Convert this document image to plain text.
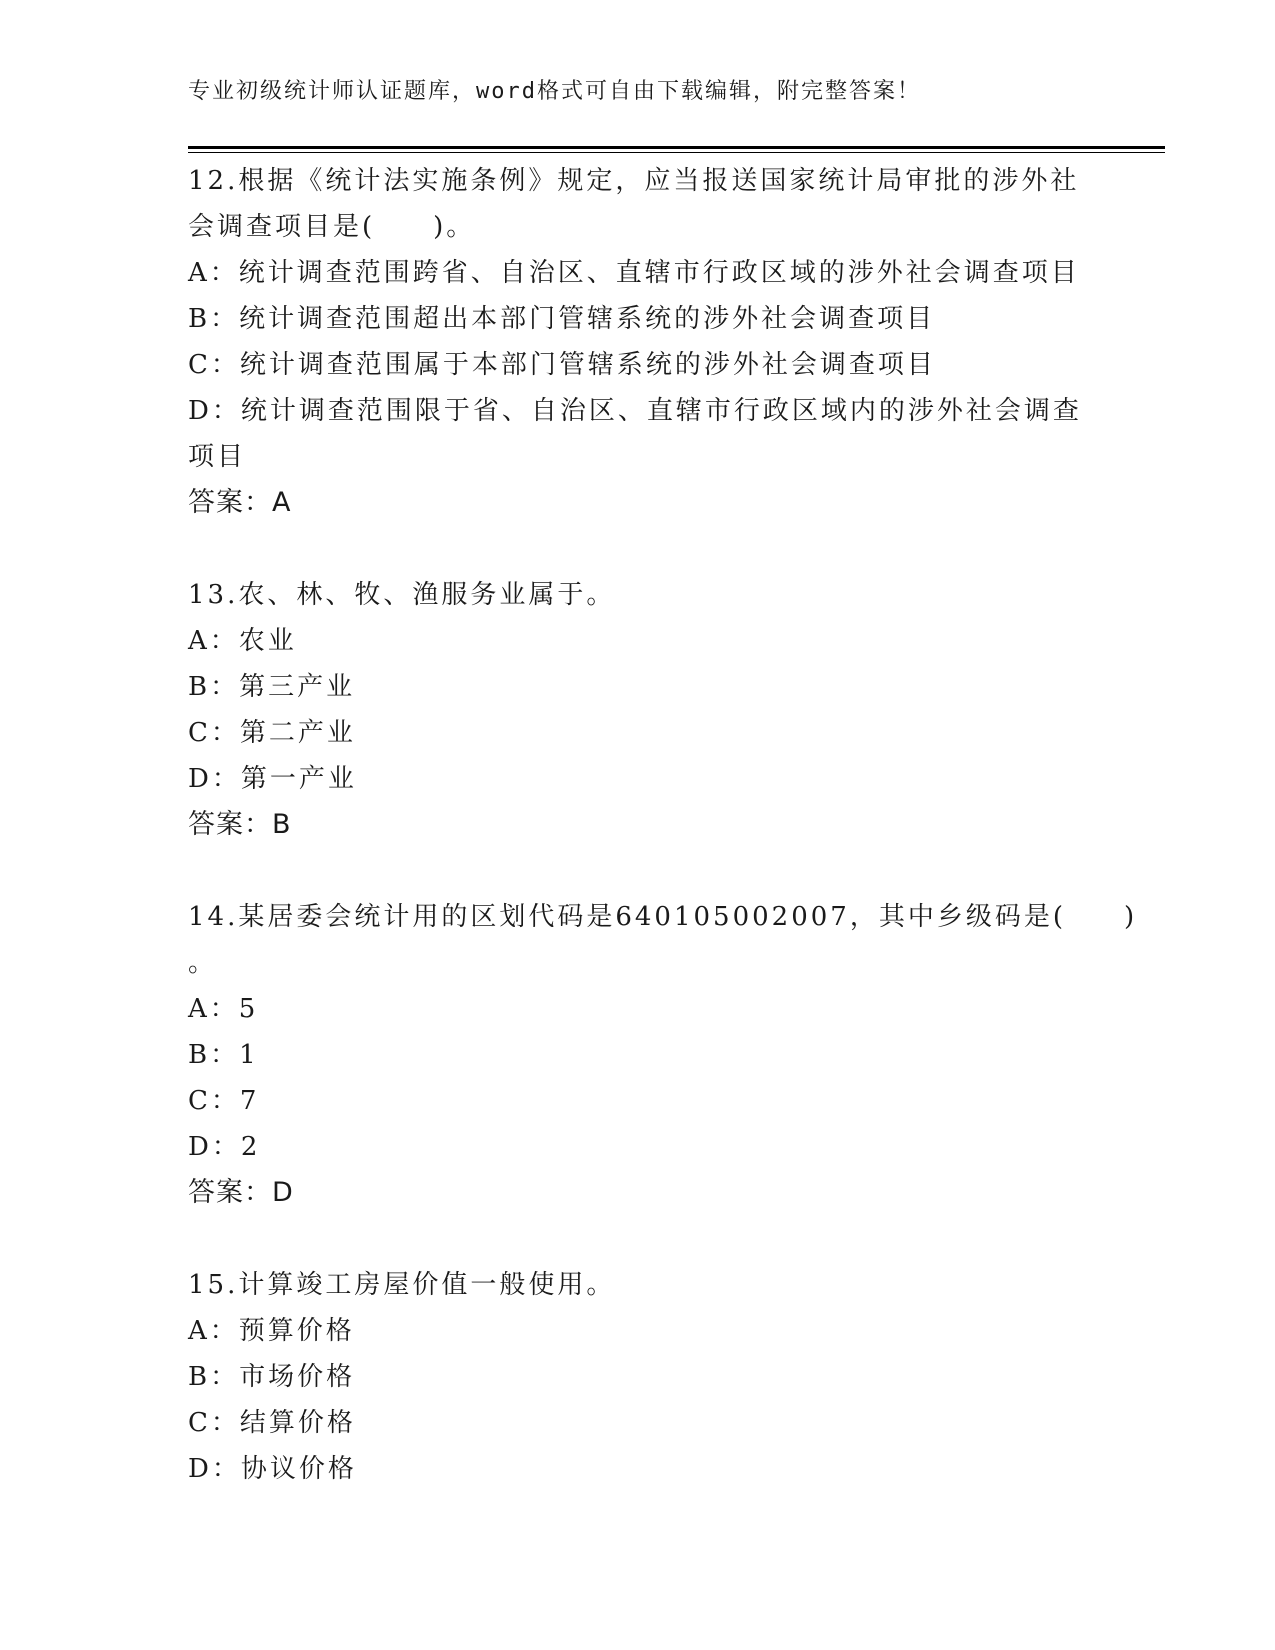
专业初级统计师认证题库，word格式可自由下载编辑，附完整答案！
12.根据《统计法实施条例》规定，应当报送国家统计局审批的涉外社
会调查项目是(　　)。
A：统计调查范围跨省、自治区、直辖市行政区域的涉外社会调查项目
B：统计调查范围超出本部门管辖系统的涉外社会调查项目
C：统计调查范围属于本部门管辖系统的涉外社会调查项目
D：统计调查范围限于省、自治区、直辖市行政区域内的涉外社会调查
项目
答案：A
13.农、林、牧、渔服务业属于。
A：农业
B：第三产业
C：第二产业
D：第一产业
答案：B
14.某居委会统计用的区划代码是640105002007，其中乡级码是(　　)
。
A：5
B：1
C：7
D：2
答案：D
15.计算竣工房屋价值一般使用。
A：预算价格
B：市场价格
C：结算价格
D：协议价格
